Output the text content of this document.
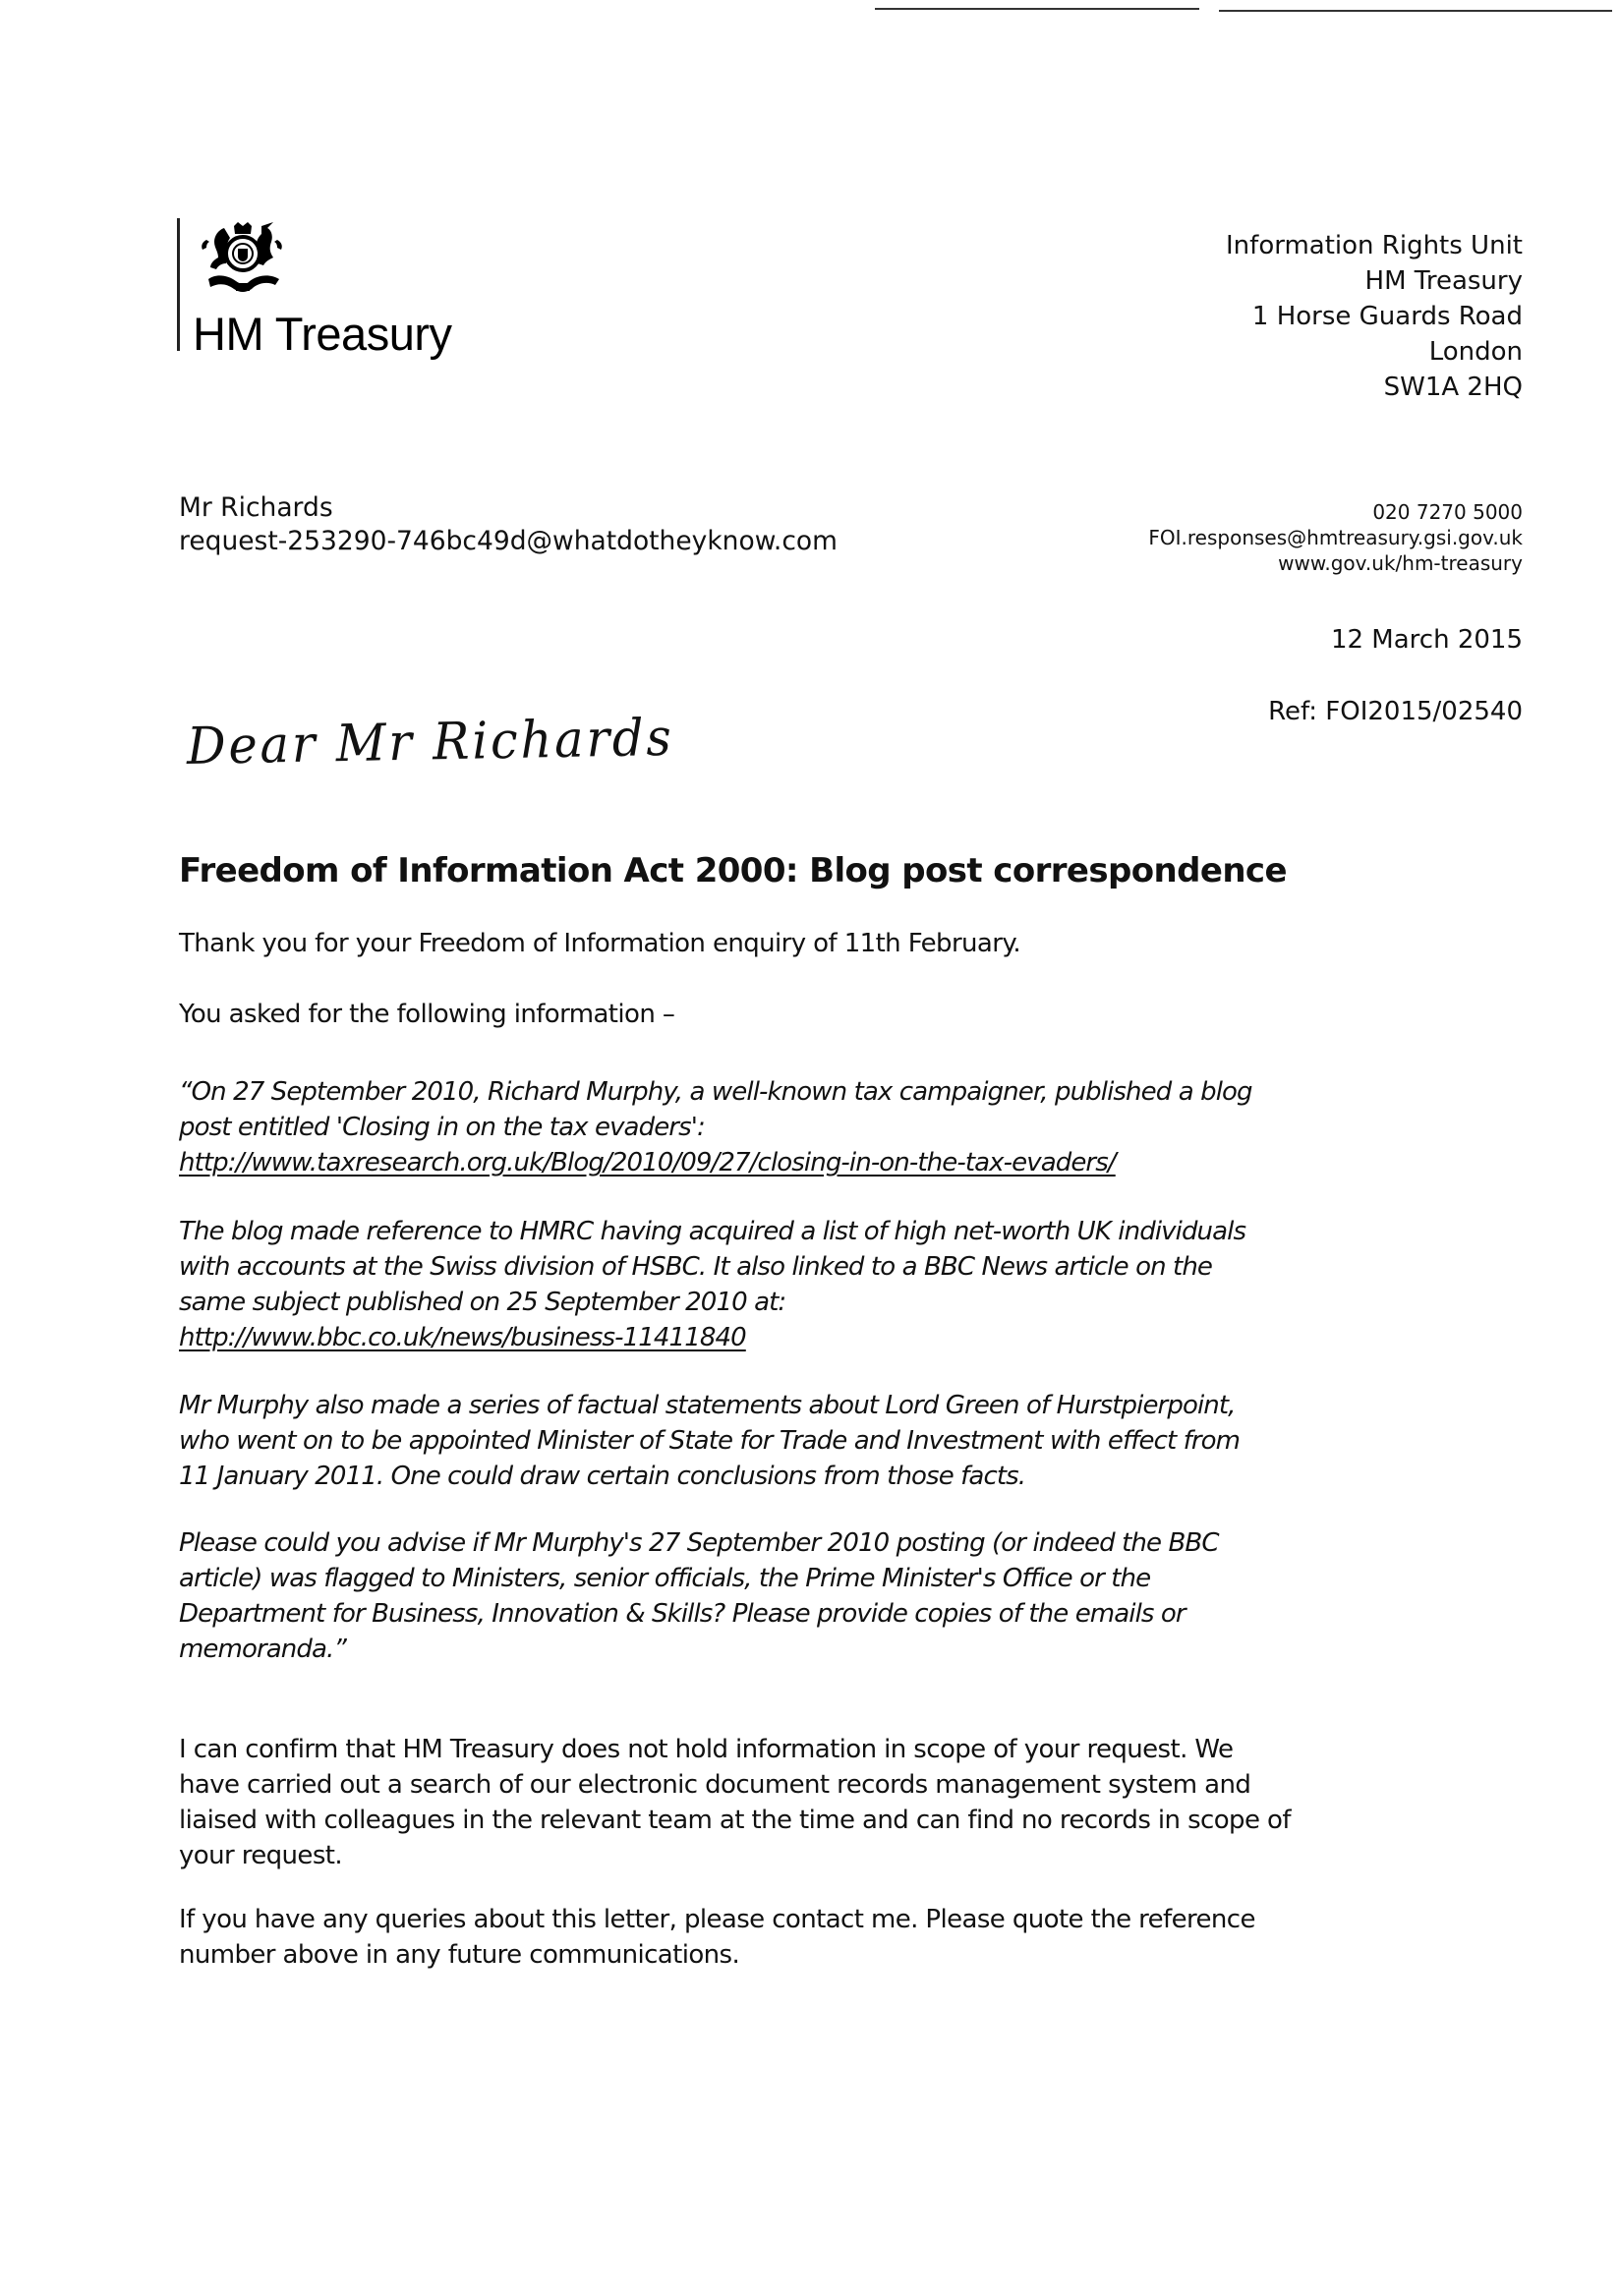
HM Treasury
Information Rights Unit
HM Treasury
1 Horse Guards Road
London
SW1A 2HQ
Mr Richards
request-253290-746bc49d@whatdotheyknow.com
020 7270 5000
FOI.responses@hmtreasury.gsi.gov.uk
www.gov.uk/hm-treasury
12 March 2015
Ref: FOI2015/02540
Dear Mr Richards
Freedom of Information Act 2000: Blog post correspondence
Thank you for your Freedom of Information enquiry of 11th February.
You asked for the following information –
“On 27 September 2010, Richard Murphy, a well-known tax campaigner, published a blog
post entitled 'Closing in on the tax evaders':
http://www.taxresearch.org.uk/Blog/2010/09/27/closing-in-on-the-tax-evaders/
The blog made reference to HMRC having acquired a list of high net-worth UK individuals
with accounts at the Swiss division of HSBC. It also linked to a BBC News article on the
same subject published on 25 September 2010 at:
http://www.bbc.co.uk/news/business-11411840
Mr Murphy also made a series of factual statements about Lord Green of Hurstpierpoint,
who went on to be appointed Minister of State for Trade and Investment with effect from
11 January 2011. One could draw certain conclusions from those facts.
Please could you advise if Mr Murphy's 27 September 2010 posting (or indeed the BBC
article) was flagged to Ministers, senior officials, the Prime Minister's Office or the
Department for Business, Innovation & Skills? Please provide copies of the emails or
memoranda.”
I can confirm that HM Treasury does not hold information in scope of your request. We
have carried out a search of our electronic document records management system and
liaised with colleagues in the relevant team at the time and can find no records in scope of
your request.
If you have any queries about this letter, please contact me. Please quote the reference
number above in any future communications.
